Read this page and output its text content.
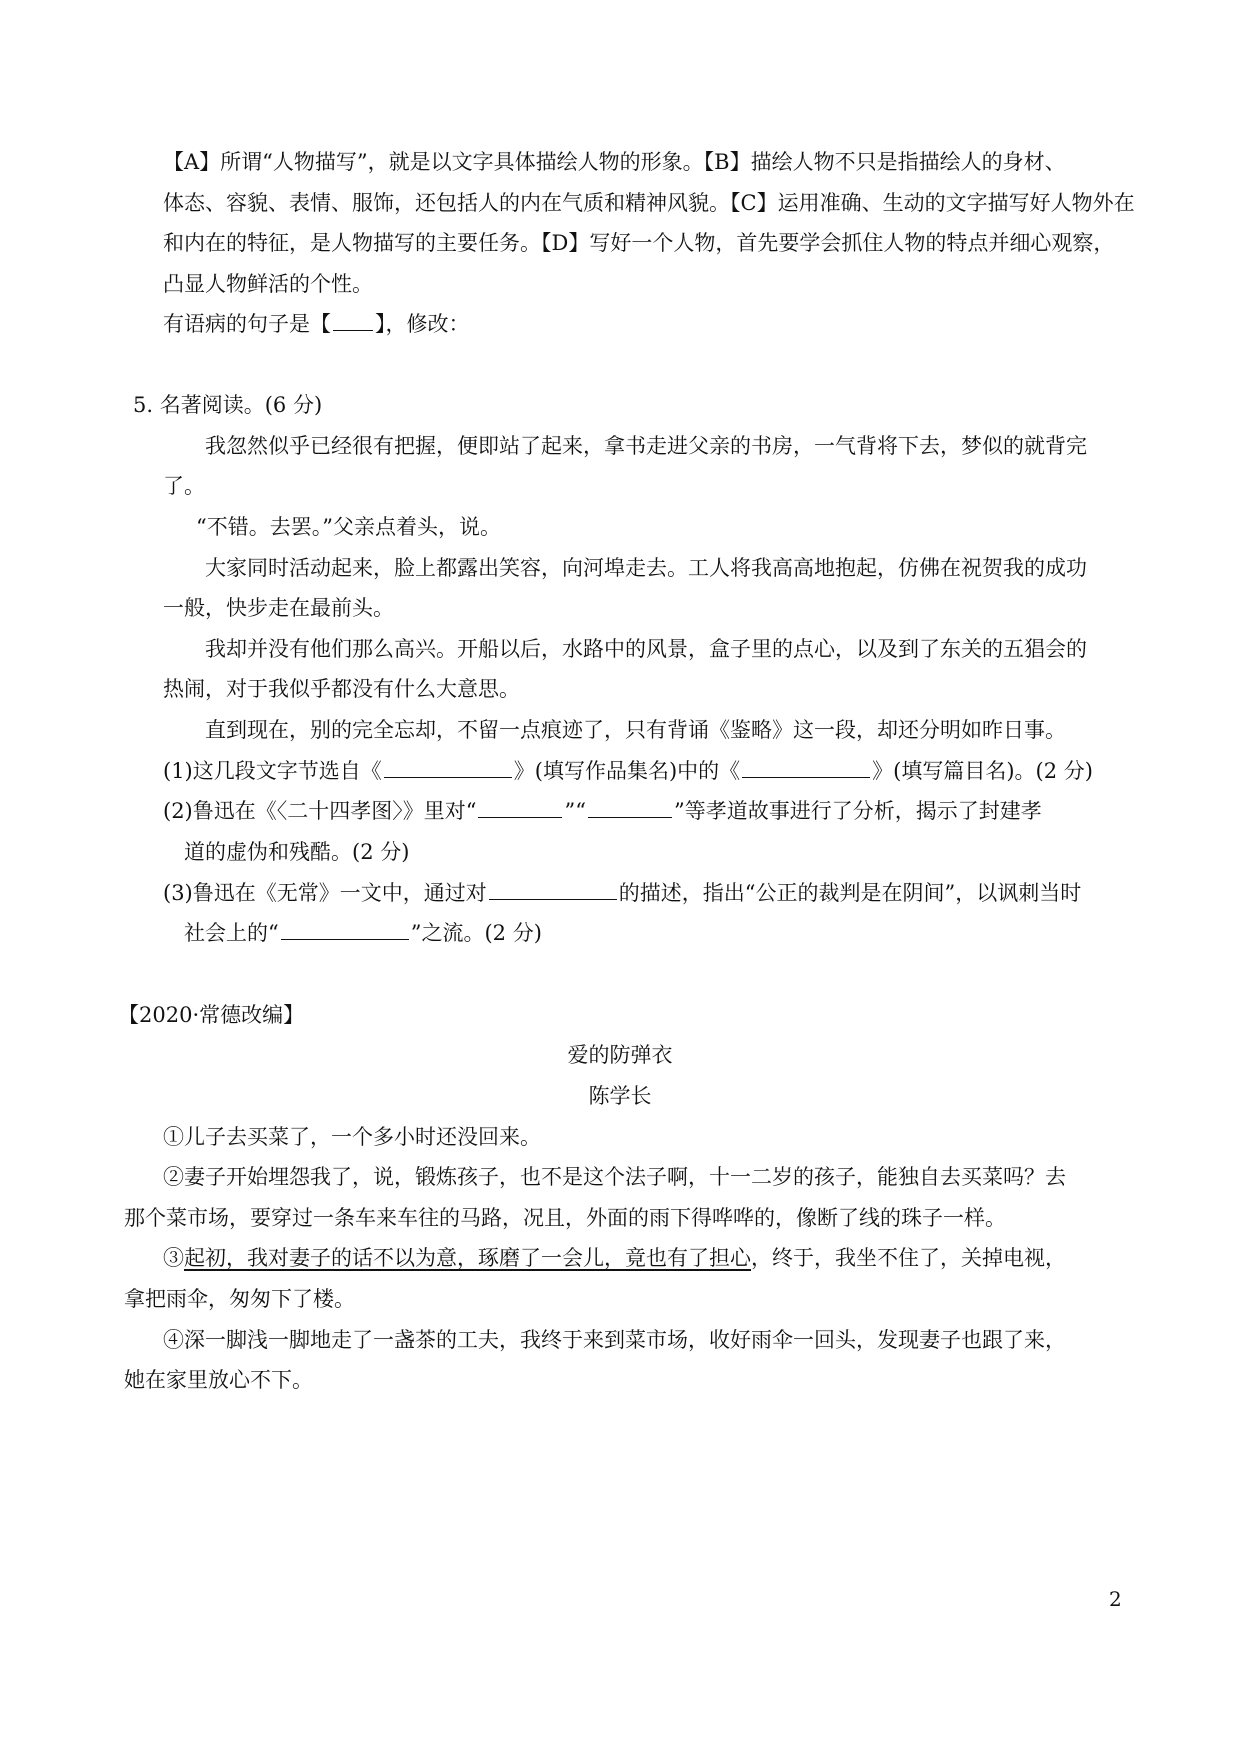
【A】所谓“人物描写”，就是以文字具体描绘人物的形象。【B】描绘人物不只是指描绘人的身材、
体态、容貌、表情、服饰，还包括人的内在气质和精神风貌。【C】运用准确、生动的文字描写好人物外在
和内在的特征，是人物描写的主要任务。【D】写好一个人物，首先要学会抓住人物的特点并细心观察，
凸显人物鲜活的个性。
有语病的句子是【 】，修改：
5. 名著阅读。(6 分)
我忽然似乎已经很有把握，便即站了起来，拿书走进父亲的书房，一气背将下去，梦似的就背完
了。
“不错。去罢。”父亲点着头，说。
大家同时活动起来，脸上都露出笑容，向河埠走去。工人将我高高地抱起，仿佛在祝贺我的成功
一般，快步走在最前头。
我却并没有他们那么高兴。开船以后，水路中的风景，盒子里的点心，以及到了东关的五猖会的
热闹，对于我似乎都没有什么大意思。
直到现在，别的完全忘却，不留一点痕迹了，只有背诵《鉴略》这一段，却还分明如昨日事。
(1)这几段文字节选自《	》(填写作品集名)中的《	》(填写篇目名)。(2 分)
(2)鲁迅在《〈二十四孝图〉》里对“	”“	”等孝道故事进行了分析，揭示了封建孝
道的虚伪和残酷。(2 分)
(3)鲁迅在《无常》一文中，通过对	的描述，指出“公正的裁判是在阴间”，以讽刺当时
社会上的“	”之流。(2 分)
【2020·常德改编】
爱的防弹衣
陈学长
①儿子去买菜了，一个多小时还没回来。
②妻子开始埋怨我了，说，锻炼孩子，也不是这个法子啊，十一二岁的孩子，能独自去买菜吗？去
那个菜市场，要穿过一条车来车往的马路，况且，外面的雨下得哗哗的，像断了线的珠子一样。
③起初，我对妻子的话不以为意，琢磨了一会儿，竟也有了担心，终于，我坐不住了，关掉电视，
拿把雨伞，匆匆下了楼。
④深一脚浅一脚地走了一盏茶的工夫，我终于来到菜市场，收好雨伞一回头，发现妻子也跟了来，
她在家里放心不下。
2
